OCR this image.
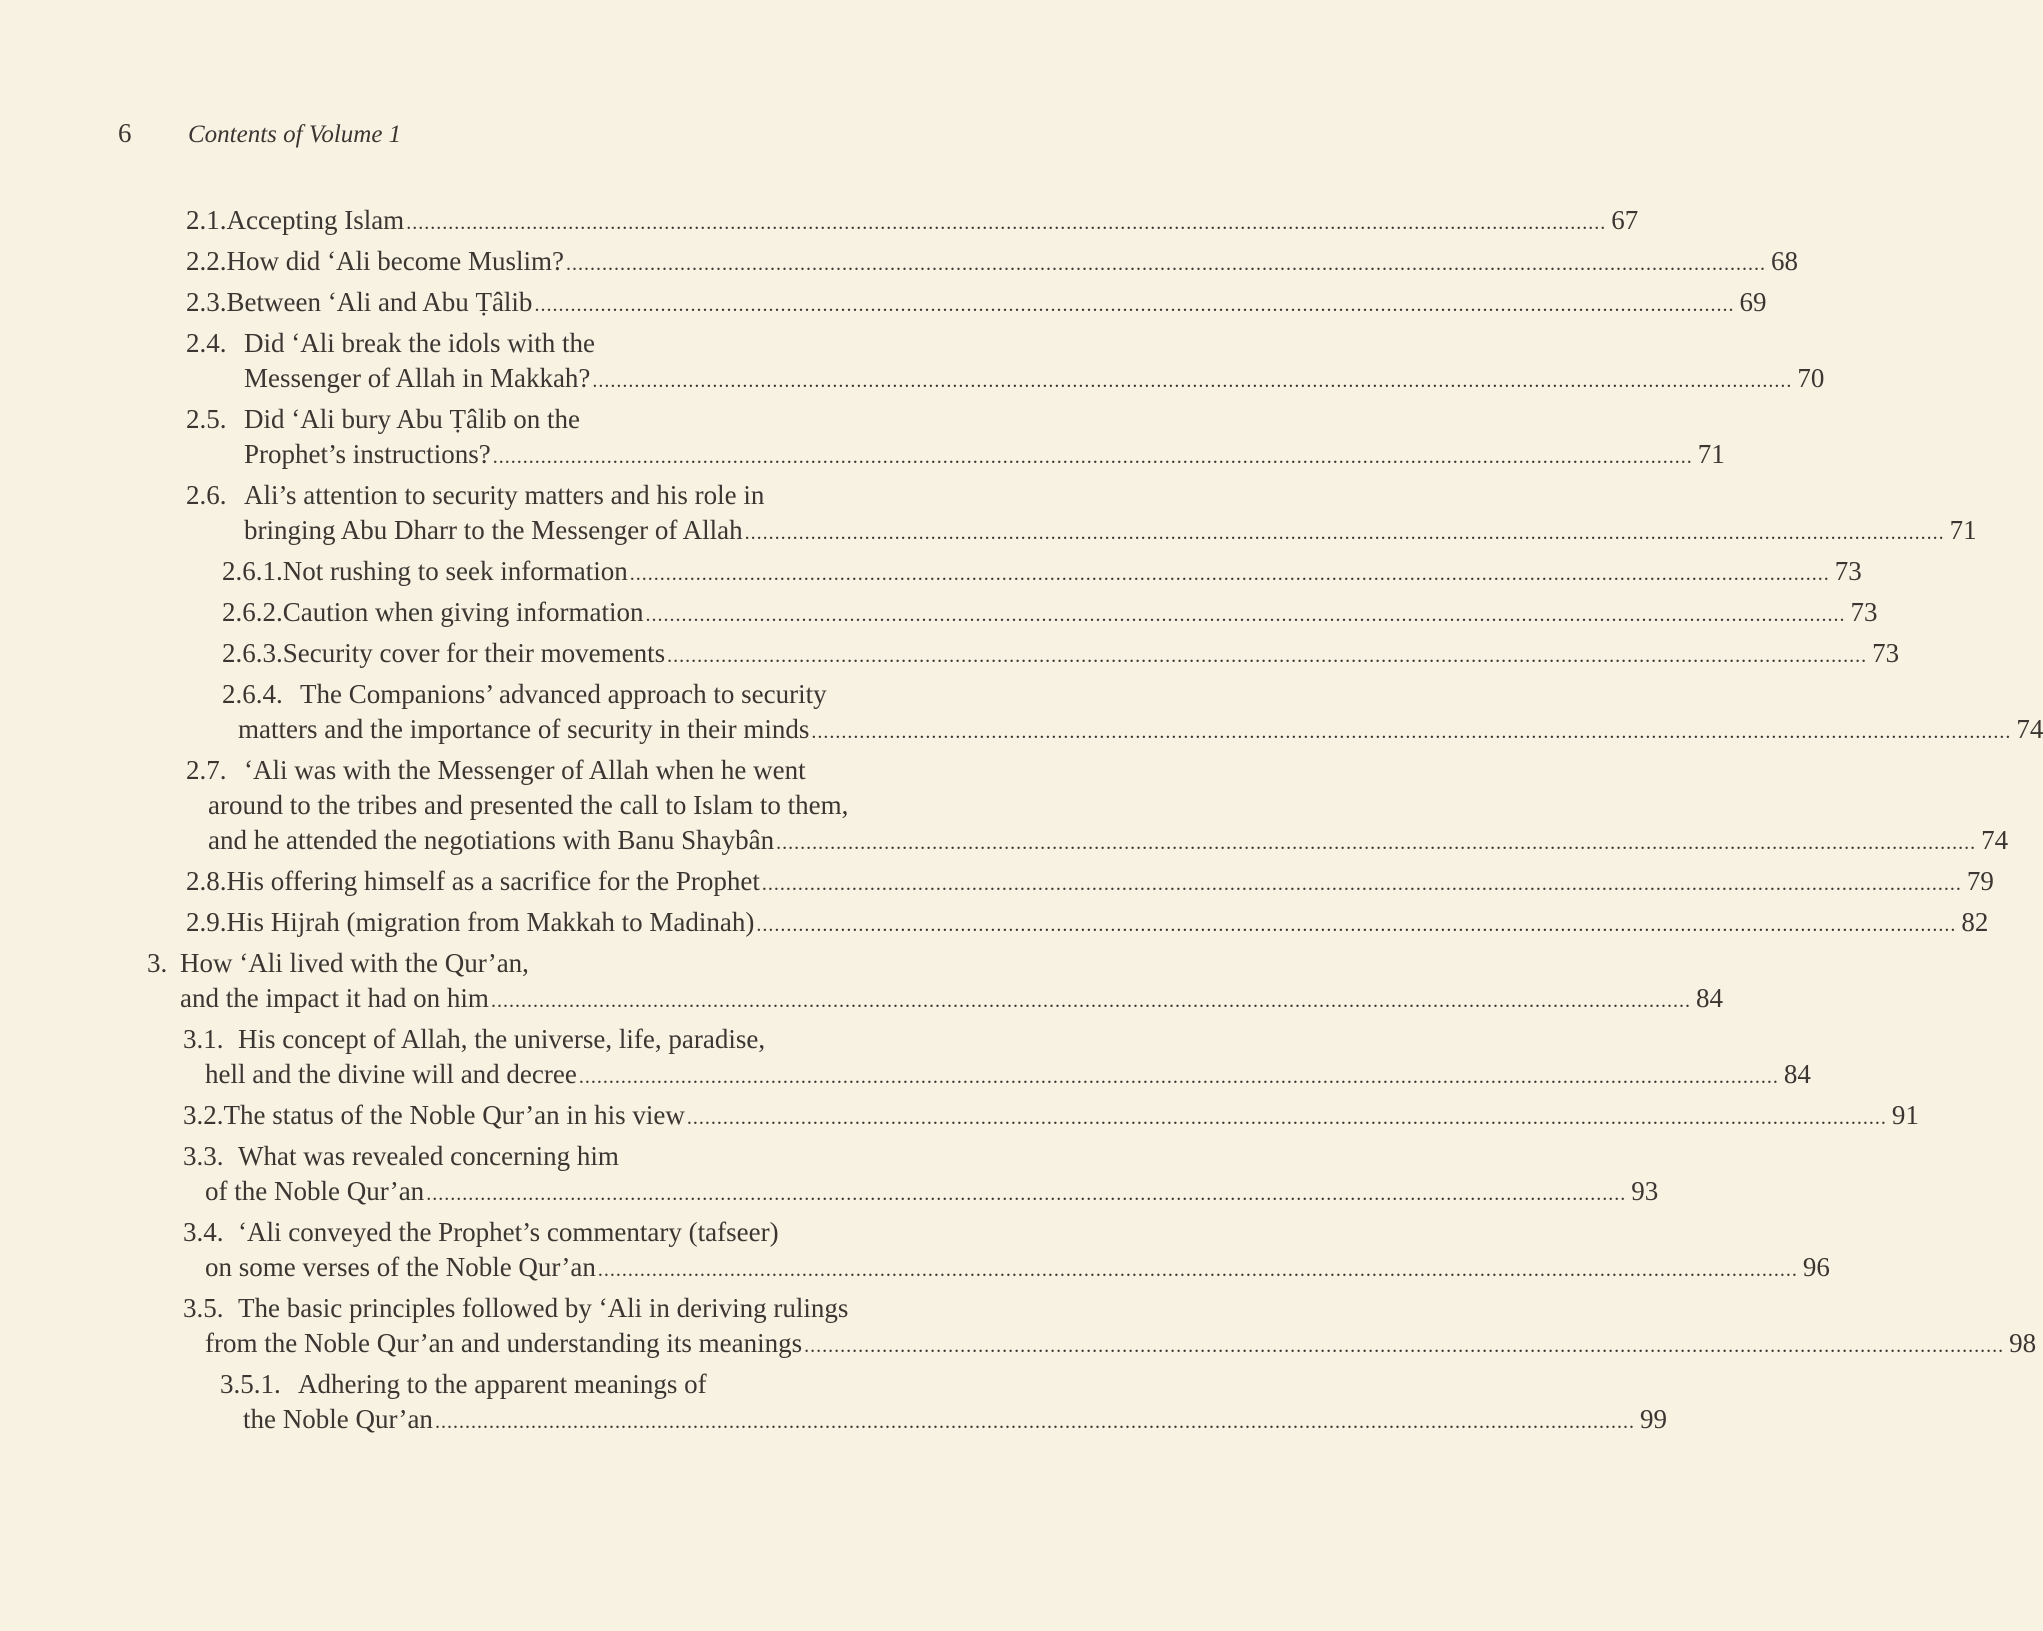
6	Contents of Volume 1
2.1. Accepting Islam ........................................................................................................................................................................................................ 67
2.2. How did ‘Ali become Muslim? ........................................................................................................................................................................................................ 68
2.3. Between ‘Ali and Abu Ṭâlib ........................................................................................................................................................................................................ 69
2.4. Did ‘Ali break the idols with the
Messenger of Allah in Makkah? ........................................................................................................................................................................................................ 70
2.5. Did ‘Ali bury Abu Ṭâlib on the
Prophet’s instructions? ........................................................................................................................................................................................................ 71
2.6. Ali’s attention to security matters and his role in
bringing Abu Dharr to the Messenger of Allah ........................................................................................................................................................................................................ 71
2.6.1. Not rushing to seek information ........................................................................................................................................................................................................ 73
2.6.2. Caution when giving information ........................................................................................................................................................................................................ 73
2.6.3. Security cover for their movements ........................................................................................................................................................................................................ 73
2.6.4. The Companions’ advanced approach to security
matters and the importance of security in their minds ........................................................................................................................................................................................................ 74
2.7. ‘Ali was with the Messenger of Allah when he went
around to the tribes and presented the call to Islam to them,
and he attended the negotiations with Banu Shaybân ........................................................................................................................................................................................................ 74
2.8. His offering himself as a sacrifice for the Prophet ........................................................................................................................................................................................................ 79
2.9. His Hijrah (migration from Makkah to Madinah) ........................................................................................................................................................................................................ 82
3. How ‘Ali lived with the Qur’an,
and the impact it had on him ........................................................................................................................................................................................................ 84
3.1. His concept of Allah, the universe, life, paradise,
hell and the divine will and decree ........................................................................................................................................................................................................ 84
3.2. The status of the Noble Qur’an in his view ........................................................................................................................................................................................................ 91
3.3. What was revealed concerning him
of the Noble Qur’an ........................................................................................................................................................................................................ 93
3.4. ‘Ali conveyed the Prophet’s commentary (tafseer)
on some verses of the Noble Qur’an ........................................................................................................................................................................................................ 96
3.5. The basic principles followed by ‘Ali in deriving rulings
from the Noble Qur’an and understanding its meanings ........................................................................................................................................................................................................ 98
3.5.1. Adhering to the apparent meanings of
the Noble Qur’an ........................................................................................................................................................................................................ 99
